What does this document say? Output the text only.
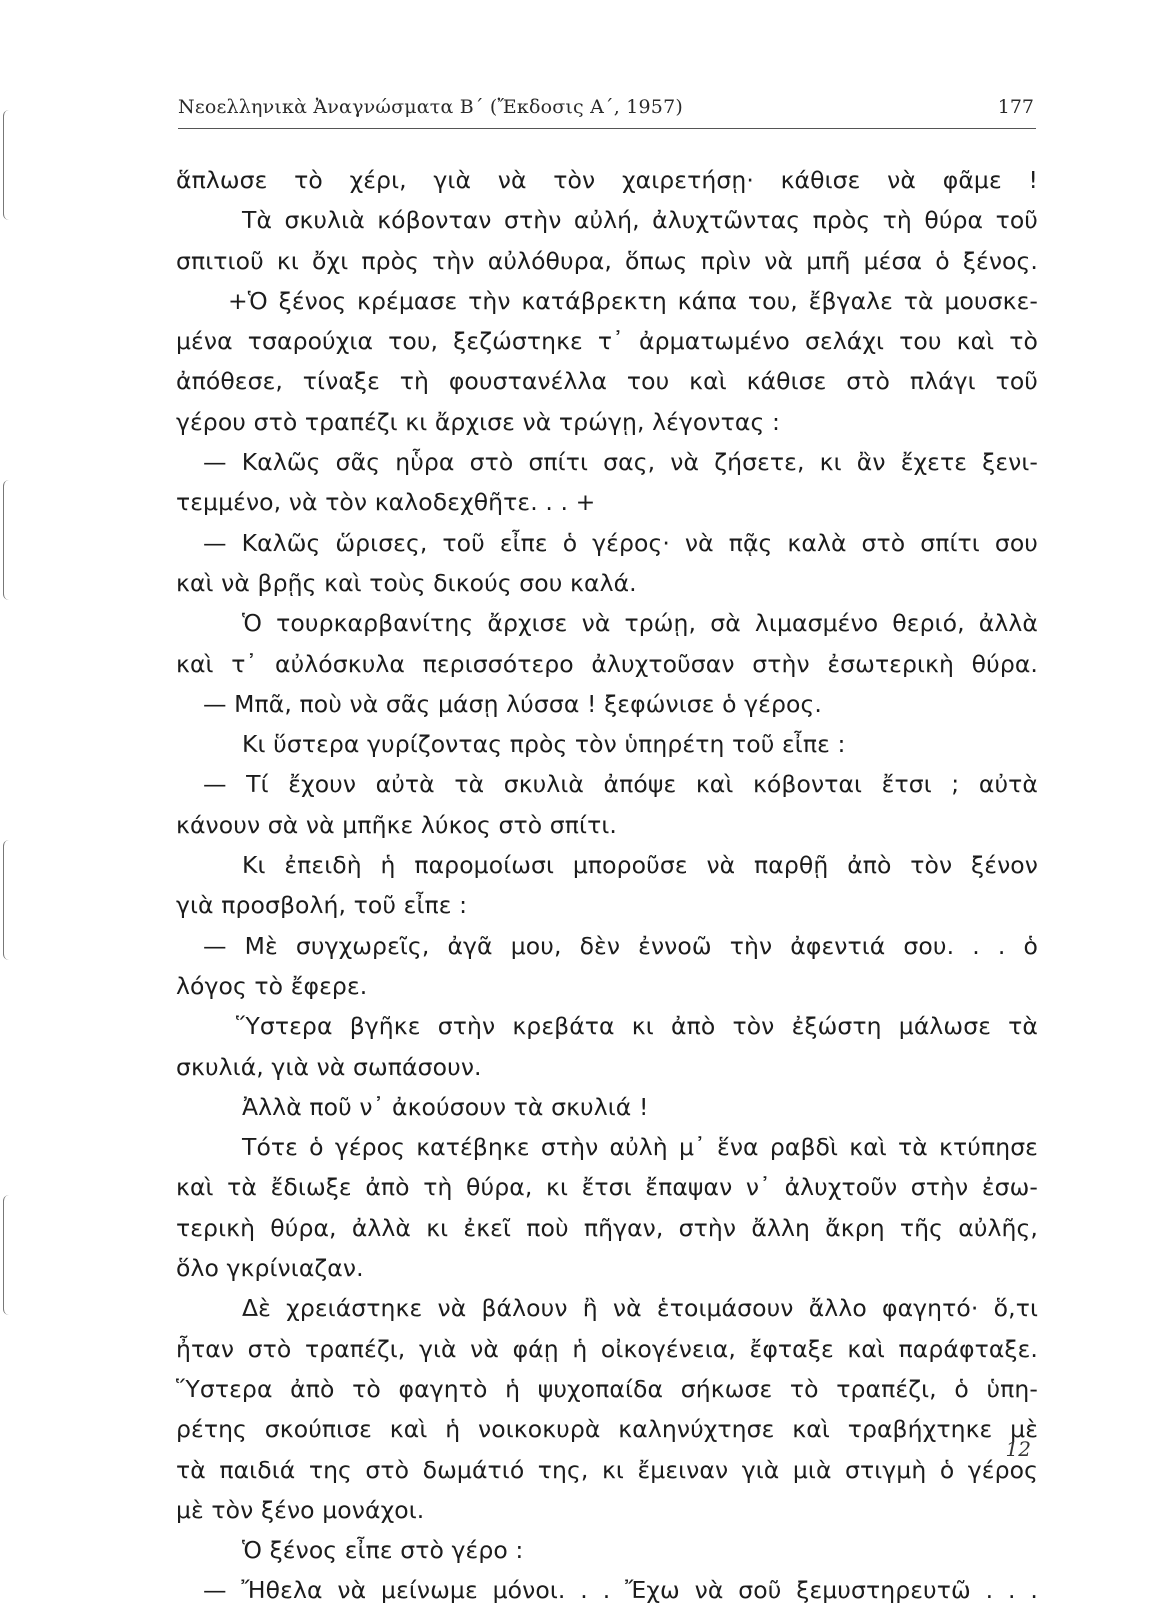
Νεοελληνικὰ Ἀναγνώσματα Β΄ (Ἔκδοσις Α΄, 1957)	177
ἅπλωσε τὸ χέρι, γιὰ νὰ τὸν χαιρετήσῃ· κάθισε νὰ φᾶμε !
Τὰ σκυλιὰ κόβονταν στὴν αὐλή, ἀλυχτῶντας πρὸς τὴ θύρα τοῦ
σπιτιοῦ κι ὄχι πρὸς τὴν αὐλόθυρα, ὅπως πρὶν νὰ μπῆ μέσα ὁ ξένος.
+Ὁ ξένος κρέμασε τὴν κατάβρεκτη κάπα του, ἔβγαλε τὰ μουσκε-
μένα τσαρούχια του, ξεζώστηκε τ᾽ ἀρματωμένο σελάχι του καὶ τὸ
ἀπόθεσε, τίναξε τὴ φουστανέλλα του καὶ κάθισε στὸ πλάγι τοῦ
γέρου στὸ τραπέζι κι ἄρχισε νὰ τρώγῃ, λέγοντας :
— Καλῶς σᾶς ηὗρα στὸ σπίτι σας, νὰ ζήσετε, κι ἂν ἔχετε ξενι-
τεμμένο, νὰ τὸν καλοδεχθῆτε. . . +
— Καλῶς ὥρισες, τοῦ εἶπε ὁ γέρος· νὰ πᾷς καλὰ στὸ σπίτι σου
καὶ νὰ βρῇς καὶ τοὺς δικούς σου καλά.
Ὁ τουρκαρβανίτης ἄρχισε νὰ τρώῃ, σὰ λιμασμένο θεριό, ἀλλὰ
καὶ τ᾽ αὐλόσκυλα περισσότερο ἀλυχτοῦσαν στὴν ἐσωτερικὴ θύρα.
— Μπᾶ, ποὺ νὰ σᾶς μάσῃ λύσσα ! ξεφώνισε ὁ γέρος.
Κι ὕστερα γυρίζοντας πρὸς τὸν ὑπηρέτη τοῦ εἶπε :
— Τί ἔχουν αὐτὰ τὰ σκυλιὰ ἀπόψε καὶ κόβονται ἔτσι ; αὐτὰ
κάνουν σὰ νὰ μπῆκε λύκος στὸ σπίτι.
Κι ἐπειδὴ ἡ παρομοίωσι μποροῦσε νὰ παρθῇ ἀπὸ τὸν ξένον
γιὰ προσβολή, τοῦ εἶπε :
— Μὲ συγχωρεῖς, ἀγᾶ μου, δὲν ἐννοῶ τὴν ἀφεντιά σου. . . ὁ
λόγος τὸ ἔφερε.
Ὕστερα βγῆκε στὴν κρεβάτα κι ἀπὸ τὸν ἐξώστη μάλωσε τὰ
σκυλιά, γιὰ νὰ σωπάσουν.
Ἀλλὰ ποῦ ν᾽ ἀκούσουν τὰ σκυλιά !
Τότε ὁ γέρος κατέβηκε στὴν αὐλὴ μ᾽ ἕνα ραβδὶ καὶ τὰ κτύπησε
καὶ τὰ ἔδιωξε ἀπὸ τὴ θύρα, κι ἔτσι ἔπαψαν ν᾽ ἀλυχτοῦν στὴν ἐσω-
τερικὴ θύρα, ἀλλὰ κι ἐκεῖ ποὺ πῆγαν, στὴν ἄλλη ἄκρη τῆς αὐλῆς,
ὅλο γκρίνιαζαν.
Δὲ χρειάστηκε νὰ βάλουν ἢ νὰ ἑτοιμάσουν ἄλλο φαγητό· ὅ,τι
ἦταν στὸ τραπέζι, γιὰ νὰ φάῃ ἡ οἰκογένεια, ἔφταξε καὶ παράφταξε.
Ὕστερα ἀπὸ τὸ φαγητὸ ἡ ψυχοπαίδα σήκωσε τὸ τραπέζι, ὁ ὑπη-
ρέτης σκούπισε καὶ ἡ νοικοκυρὰ καληνύχτησε καὶ τραβήχτηκε μὲ
τὰ παιδιά της στὸ δωμάτιό της, κι ἔμειναν γιὰ μιὰ στιγμὴ ὁ γέρος
μὲ τὸν ξένο μονάχοι.
Ὁ ξένος εἶπε στὸ γέρο :
— Ἤθελα νὰ μείνωμε μόνοι. . . Ἔχω νὰ σοῦ ξεμυστηρευτῶ . . .
12
